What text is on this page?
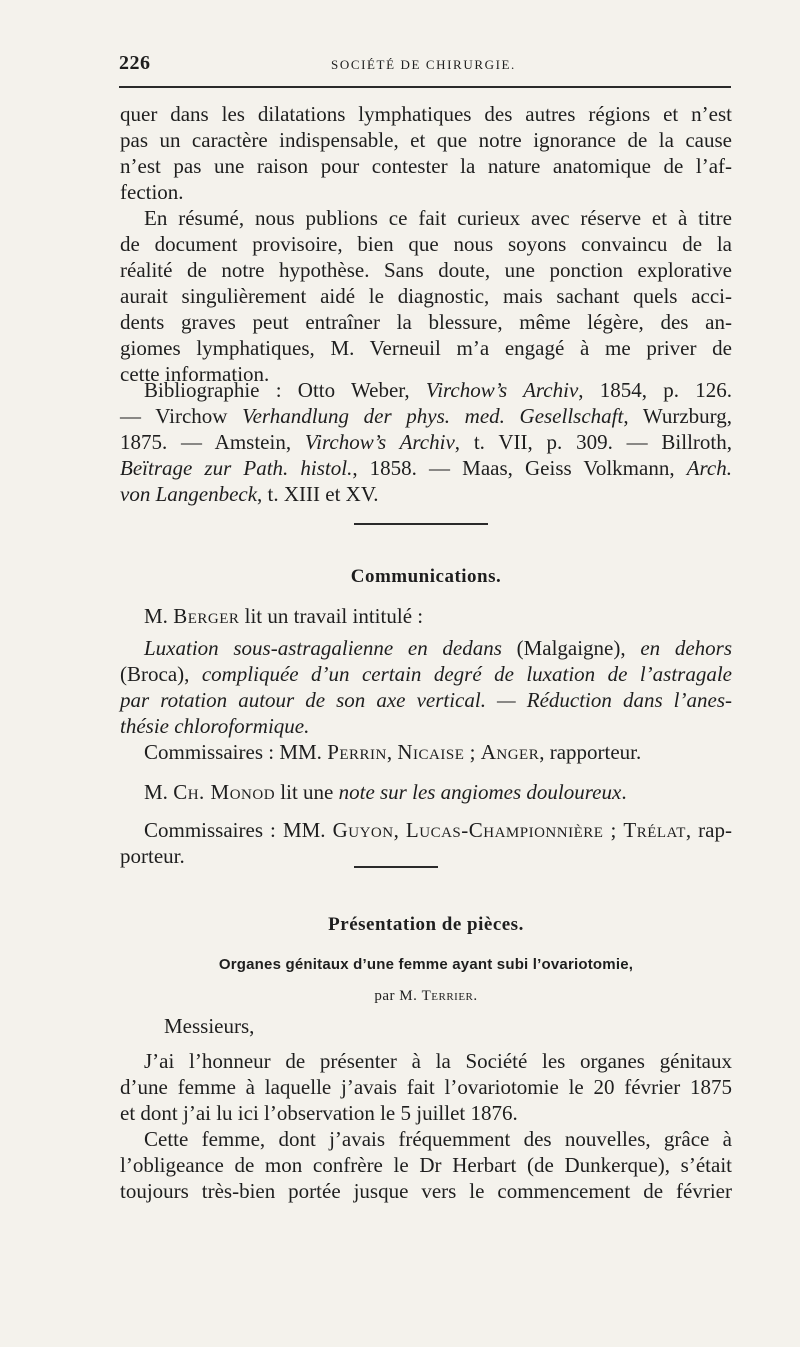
226	SOCIÉTÉ DE CHIRURGIE.
quer dans les dilatations lymphatiques des autres régions et n’est
pas un caractère indispensable, et que notre ignorance de la cause
n’est pas une raison pour contester la nature anatomique de l’af-
fection.
En résumé, nous publions ce fait curieux avec réserve et à titre
de document provisoire, bien que nous soyons convaincu de la
réalité de notre hypothèse. Sans doute, une ponction explorative
aurait singulièrement aidé le diagnostic, mais sachant quels acci-
dents graves peut entraîner la blessure, même légère, des an-
giomes lymphatiques, M. Verneuil m’a engagé à me priver de
cette information.
Bibliographie : Otto Weber, Virchow’s Archiv, 1854, p. 126.
— Virchow Verhandlung der phys. med. Gesellschaft, Wurzburg,
1875. — Amstein, Virchow’s Archiv, t. VII, p. 309. — Billroth,
Beïtrage zur Path. histol., 1858. — Maas, Geiss Volkmann, Arch.
von Langenbeck, t. XIII et XV.
Communications.
M. Berger lit un travail intitulé :
Luxation sous-astragalienne en dedans (Malgaigne), en dehors
(Broca), compliquée d’un certain degré de luxation de l’astragale
par rotation autour de son axe vertical. — Réduction dans l’anes-
thésie chloroformique.
Commissaires : MM. Perrin, Nicaise ; Anger, rapporteur.
M. Ch. Monod lit une note sur les angiomes douloureux.
Commissaires : MM. Guyon, Lucas-Championnière ; Trélat, rap-
porteur.
Présentation de pièces.
Organes génitaux d’une femme ayant subi l’ovariotomie,
par M. Terrier.
Messieurs,
J’ai l’honneur de présenter à la Société les organes génitaux
d’une femme à laquelle j’avais fait l’ovariotomie le 20 février 1875
et dont j’ai lu ici l’observation le 5 juillet 1876.
Cette femme, dont j’avais fréquemment des nouvelles, grâce à
l’obligeance de mon confrère le Dr Herbart (de Dunkerque), s’était
toujours très-bien portée jusque vers le commencement de février
